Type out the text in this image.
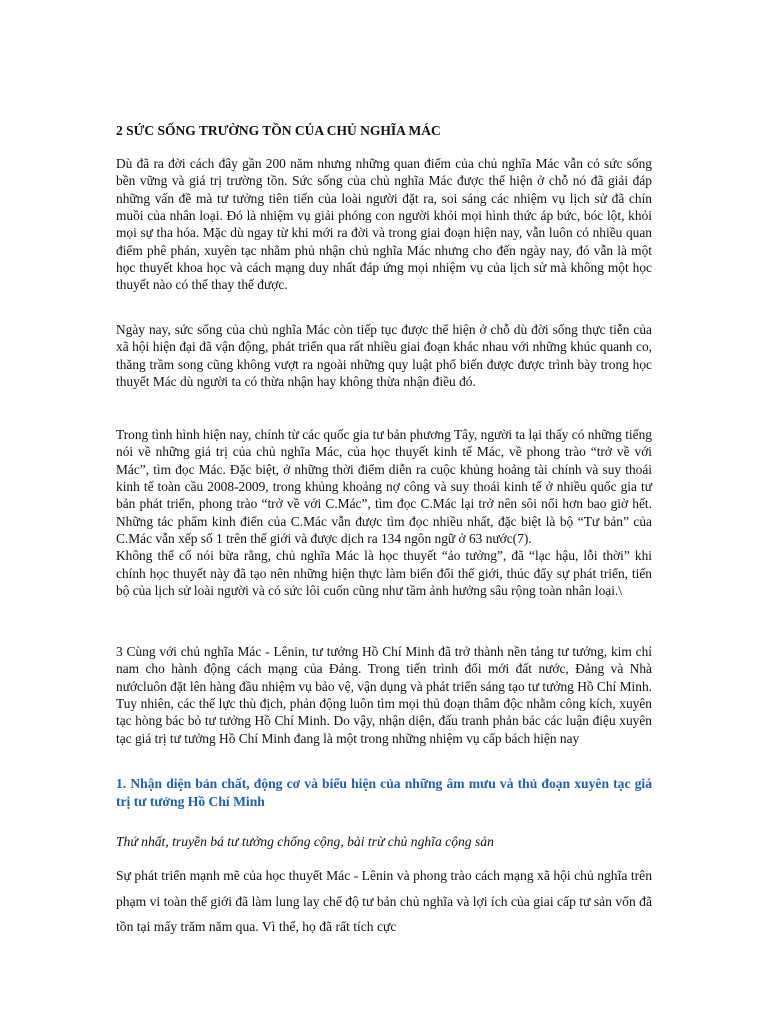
2 SỨC SỐNG TRƯỜNG TỒN CỦA CHỦ NGHĨA MÁC

Dù đã ra đời cách đây gần 200 năm nhưng những quan điểm của chủ nghĩa Mác vẫn có sức sống bền vững và giá trị trường tồn. Sức sống của chủ nghĩa Mác được thể hiện ở chỗ nó đã giải đáp những vấn đề mà tư tưởng tiên tiến của loài người đặt ra, soi sáng các nhiệm vụ lịch sử đã chín muồi của nhân loại. Đó là nhiệm vụ giải phóng con người khỏi mọi hình thức áp bức, bóc lột, khỏi mọi sự tha hóa. Mặc dù ngay từ khi mới ra đời và trong giai đoạn hiện nay, vẫn luôn có nhiều quan điểm phê phán, xuyên tạc nhằm phủ nhận chủ nghĩa Mác nhưng cho đến ngày nay, đó vẫn là một học thuyết khoa học và cách mạng duy nhất đáp ứng mọi nhiệm vụ của lịch sử mà không một học thuyết nào có thể thay thế được.

Ngày nay, sức sống của chủ nghĩa Mác còn tiếp tục được thể hiện ở chỗ dù đời sống thực tiễn của xã hội hiện đại đã vận động, phát triển qua rất nhiều giai đoạn khác nhau với những khúc quanh co, thăng trầm song cũng không vượt ra ngoài những quy luật phổ biến được được trình bày trong học thuyết Mác dù người ta có thừa nhận hay không thừa nhận điều đó.

Trong tình hình hiện nay, chính từ các quốc gia tư bản phương Tây, người ta lại thấy có những tiếng nói về những giá trị của chủ nghĩa Mác, của học thuyết kinh tế Mác, về phong trào “trở về với Mác”, tìm đọc Mác. Đặc biệt, ở những thời điểm diễn ra cuộc khủng hoảng tài chính và suy thoái kinh tế toàn cầu 2008-2009, trong khủng khoảng nợ công và suy thoái kinh tế ở nhiều quốc gia tư bản phát triển, phong trào “trở về với C.Mác”, tìm đọc C.Mác lại trở nên sôi nổi hơn bao giờ hết. Những tác phẩm kinh điển của C.Mác vẫn được tìm đọc nhiều nhất, đặc biệt là bộ “Tư bản” của C.Mác vẫn xếp số 1 trên thế giới và được dịch ra 134 ngôn ngữ ở 63 nước(7).
Không thể cố nói bừa rằng, chủ nghĩa Mác là học thuyết “ảo tưởng”, đã “lạc hậu, lỗi thời” khi chính học thuyết này đã tạo nên những hiện thực làm biến đổi thế giới, thúc đẩy sự phát triển, tiến bộ của lịch sử loài người và có sức lôi cuốn cũng như tầm ảnh hưởng sâu rộng toàn nhân loại.\

3 Cùng với chủ nghĩa Mác - Lênin, tư tưởng Hồ Chí Minh đã trở thành nền tảng tư tưởng, kim chỉ nam cho hành động cách mạng của Đảng. Trong tiến trình đổi mới đất nước, Đảng và Nhà nướcluôn đặt lên hàng đầu nhiệm vụ bảo vệ, vận dụng và phát triển sáng tạo tư tưởng Hồ Chí Minh. Tuy nhiên, các thế lực thù địch, phản động luôn tìm mọi thủ đoạn thâm độc nhằm công kích, xuyên tạc hòng bác bỏ tư tưởng Hồ Chí Minh. Do vậy, nhận diện, đấu tranh phản bác các luận điệu xuyên tạc giá trị tư tưởng Hồ Chí Minh đang là một trong những nhiệm vụ cấp bách hiện nay

1. Nhận diện bản chất, động cơ và biểu hiện của những âm mưu và thủ đoạn xuyên tạc giá trị tư tưởng Hồ Chí Minh

Thứ nhất, truyền bá tư tưởng chống cộng, bài trừ chủ nghĩa cộng sản

Sự phát triển mạnh mẽ của học thuyết Mác - Lênin và phong trào cách mạng xã hội chủ nghĩa trên phạm vi toàn thế giới đã làm lung lay chế độ tư bản chủ nghĩa và lợi ích của giai cấp tư sản vốn đã tồn tại mấy trăm năm qua. Vì thế, họ đã rất tích cực
